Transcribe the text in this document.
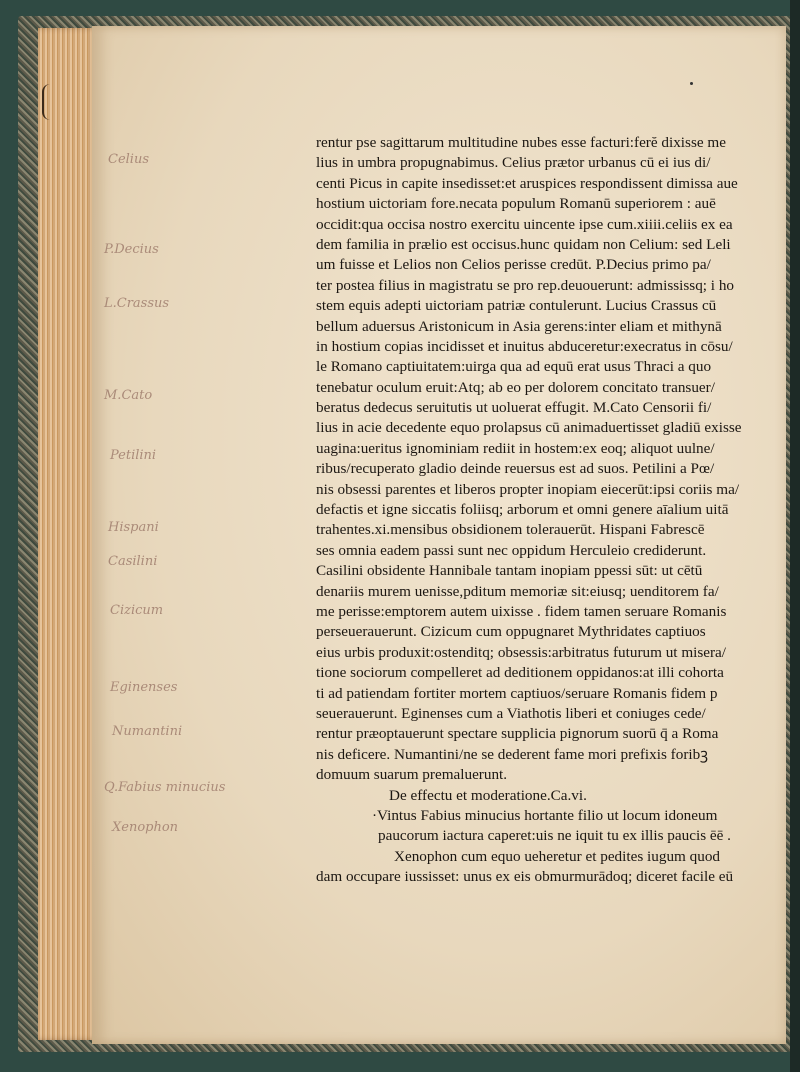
Celius
P.Decius
L.Crassus
M.Cato
Petilini
Hispani
Casilini
Cizicum
Eginenses
Numantini
Q.Fabius minucius
Xenophon
rentur pse sagittarum multitudine nubes esse facturi:ferĕ dixisse me
lius in umbra propugnabimus. Celius prætor urbanus cū ei ius di/
centi Picus in capite insedisset:et aruspices respondissent dimissa aue
hostium uictoriam fore.necata populum Romanū superiorem : auē
occidit:qua occisa nostro exercitu uincente ipse cum.xiiii.celiis ex ea
dem familia in prælio est occisus.hunc quidam non Celium: sed Leli
um fuisse et Lelios non Celios perisse credūt. P.Decius primo pa/
ter postea filius in magistratu se pro rep.deuouerunt: admississq; i ho
stem equis adepti uictoriam patriæ contulerunt. Lucius Crassus cū
bellum aduersus Aristonicum in Asia gerens:inter eliam et mithynā
in hostium copias incidisset et inuitus abduceretur:execratus in cōsu/
le Romano captiuitatem:uirga qua ad equū erat usus Thraci a quo
tenebatur oculum eruit:Atq; ab eo per dolorem concitato transuer/
beratus dedecus seruitutis ut uoluerat effugit. M.Cato Censorii fi/
lius in acie decedente equo prolapsus cū animaduertisset gladiū exisse
uagina:ueritus ignominiam rediit in hostem:ex eoq; aliquot uulne/
ribus/recuperato gladio deinde reuersus est ad suos. Petilini a Pœ/
nis obsessi parentes et liberos propter inopiam eiecerūt:ipsi coriis ma/
defactis et igne siccatis foliisq; arborum et omni genere aīalium uitā
trahentes.xi.mensibus obsidionem tolerauerūt. Hispani Fabrescē
ses omnia eadem passi sunt nec oppidum Herculeio crediderunt.
Casilini obsidente Hannibale tantam inopiam ppessi sūt: ut cētū
denariis murem uenisse,pditum memoriæ sit:eiusq; uenditorem fa/
me perisse:emptorem autem uixisse . fidem tamen seruare Romanis
perseuerauerunt. Cizicum cum oppugnaret Mythridates captiuos
eius urbis produxit:ostenditq; obsessis:arbitratus futurum ut misera/
tione sociorum compelleret ad deditionem oppidanos:at illi cohorta
ti ad patiendam fortiter mortem captiuos/seruare Romanis fidem p
seuerauerunt. Eginenses cum a Viathotis liberi et coniuges cede/
rentur præoptauerunt spectare supplicia pignorum suorū q̄ a Roma
nis deficere. Numantini/ne se dederent fame mori prefixis foribꝫ
domuum suarum premaluerunt.
De effectu et moderatione.Ca.vi.
·Vintus Fabius minucius hortante filio ut locum idoneum
paucorum iactura caperet:uis ne iquit tu ex illis paucis ēē .
Xenophon cum equo ueheretur et pedites iugum quod
dam occupare iussisset: unus ex eis obmurmurādoq; diceret facile eū
